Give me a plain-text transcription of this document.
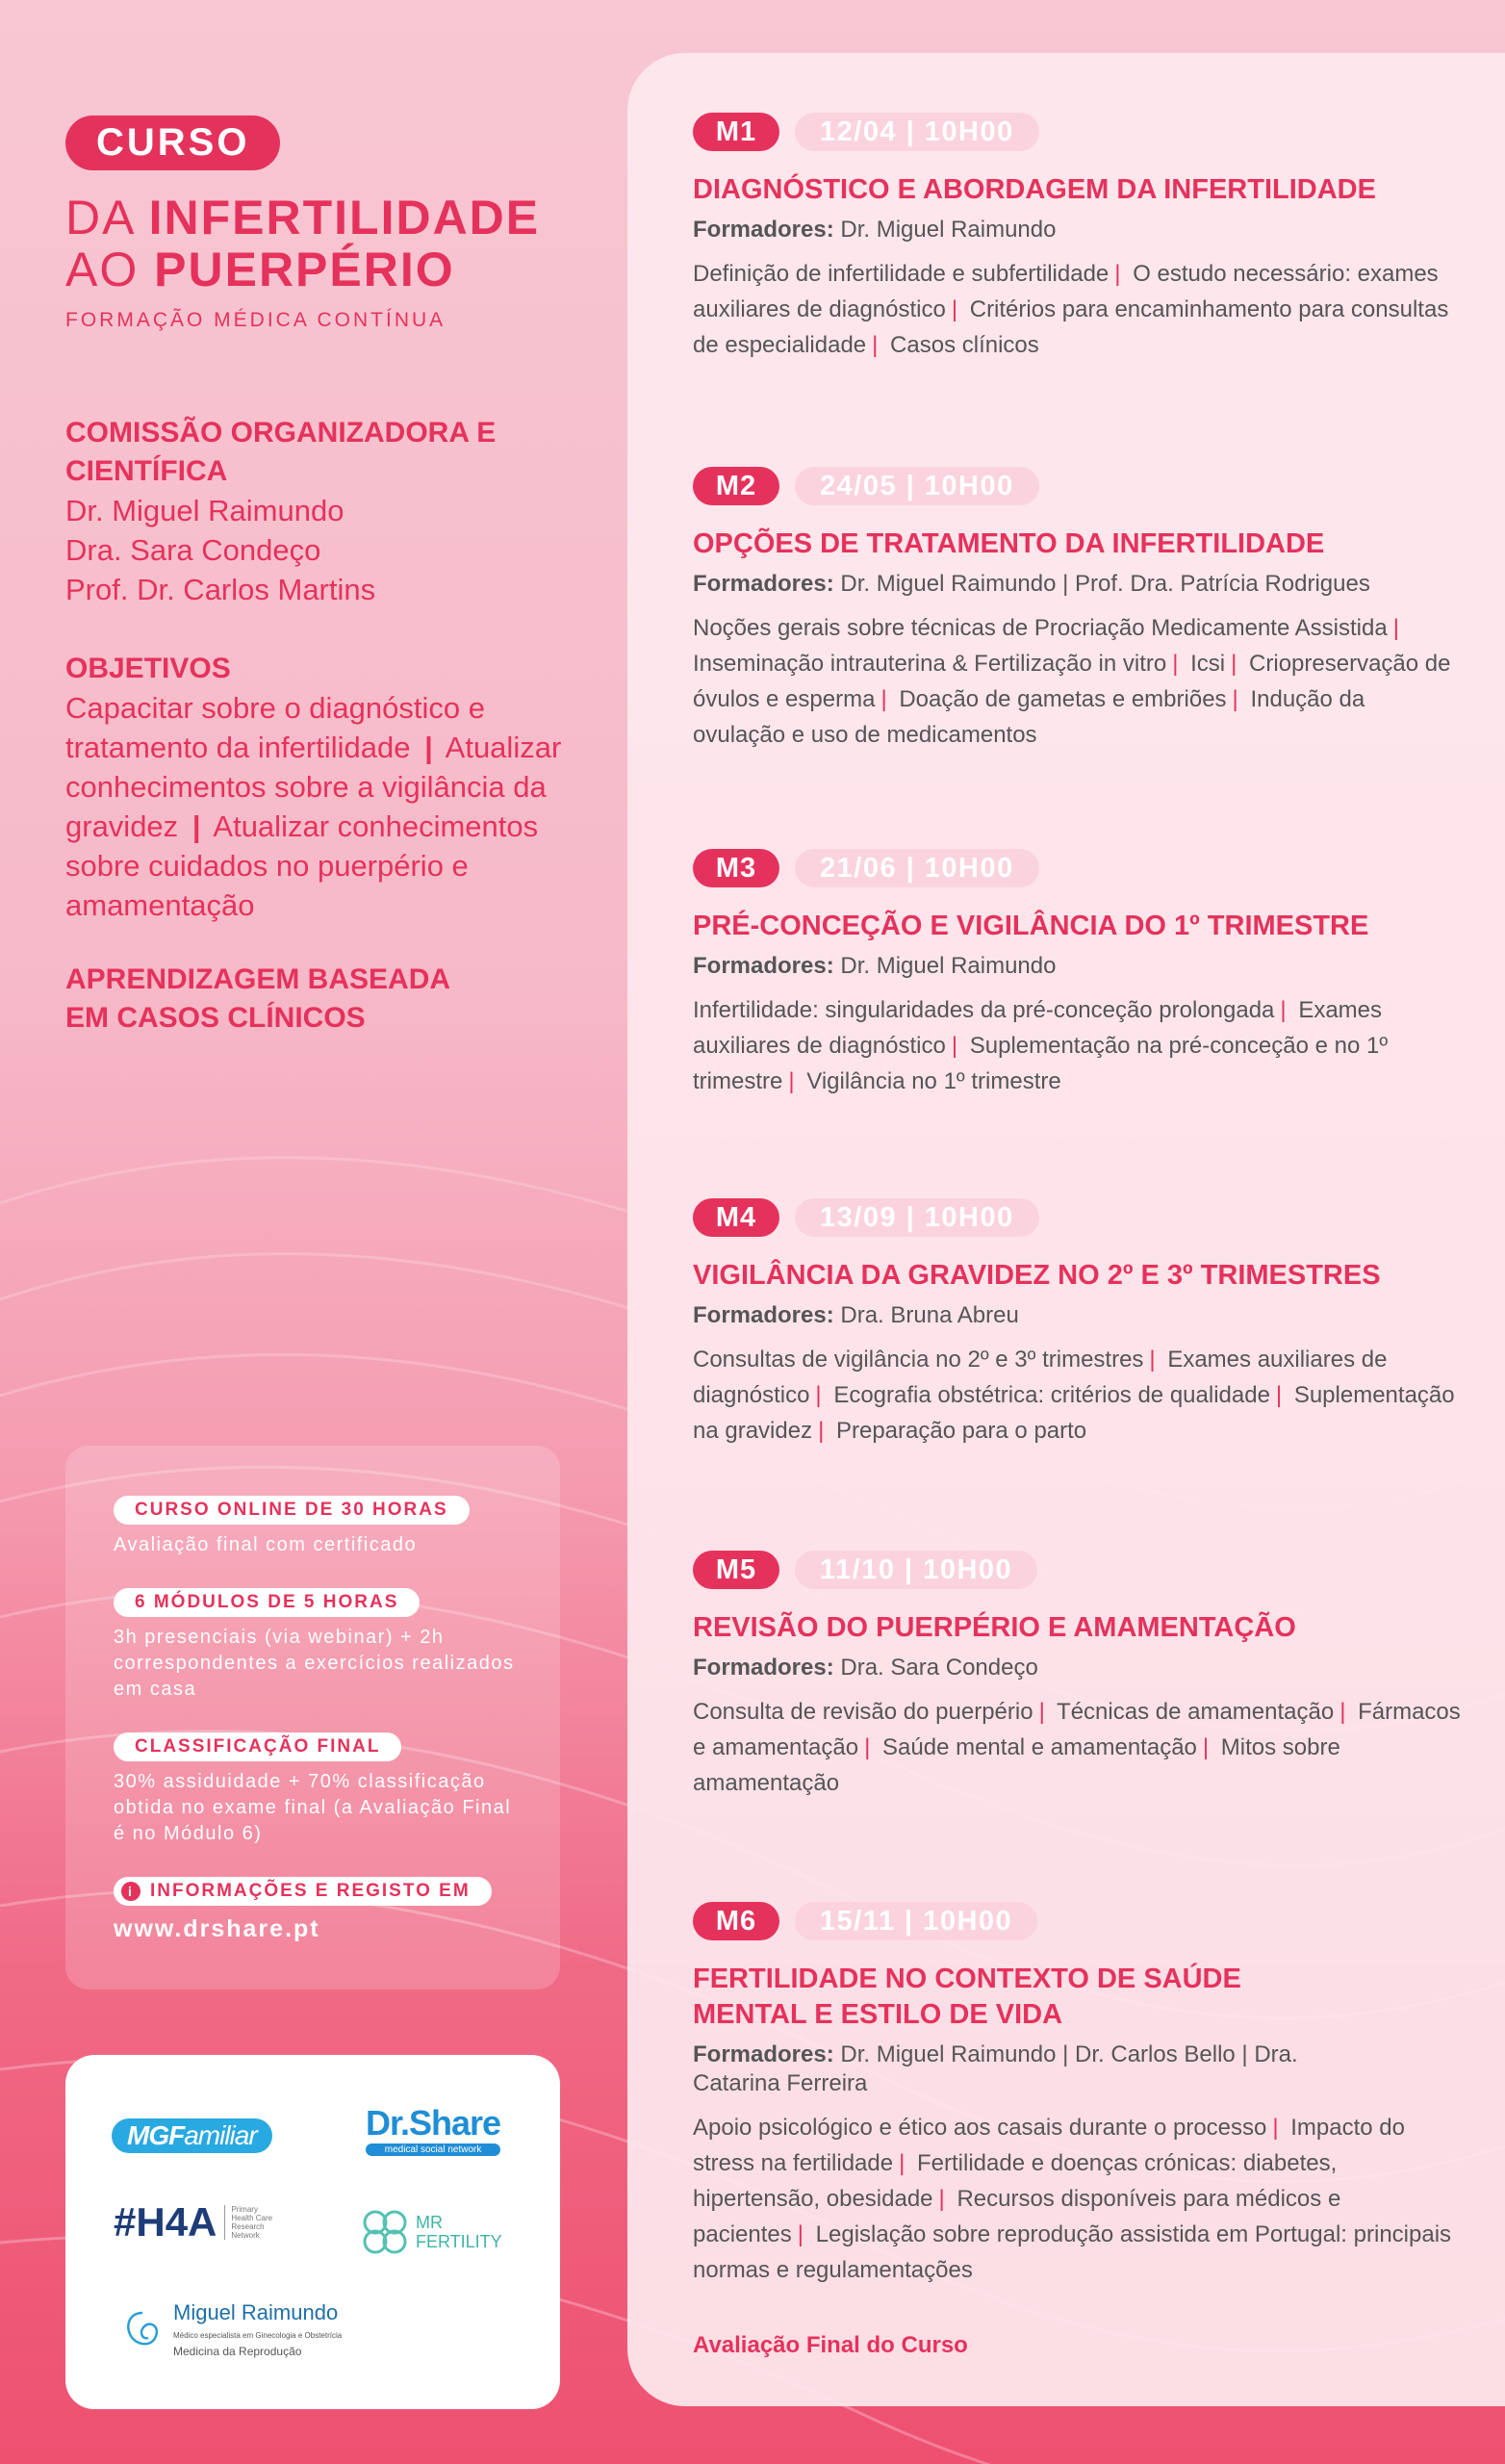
CURSO
DA INFERTILIDADE
AO PUERPÉRIO
FORMAÇÃO MÉDICA CONTÍNUA
COMISSÃO ORGANIZADORA E
CIENTÍFICA
Dr. Miguel Raimundo
Dra. Sara Condeço
Prof. Dr. Carlos Martins
OBJETIVOS
Capacitar sobre o diagnóstico e tratamento da infertilidade | Atualizar conhecimentos sobre a vigilância da gravidez | Atualizar conhecimentos sobre cuidados no puerpério e amamentação
APRENDIZAGEM BASEADA
EM CASOS CLÍNICOS
CURSO ONLINE DE 30 HORAS
Avaliação final com certificado
6 MÓDULOS DE 5 HORAS
3h presenciais (via webinar) + 2h correspondentes a exercícios realizados em casa
CLASSIFICAÇÃO FINAL
30% assiduidade + 70% classificação obtida no exame final (a Avaliação Final é no Módulo 6)
i INFORMAÇÕES E REGISTO EM
www.drshare.pt
MGFamiliar	Dr.Share
medical social network
#H4A	Primary
Health Care
Research
Network
MR
FERTILITY
Miguel Raimundo
Médico especialista em Ginecologia e Obstetrícia
Medicina da Reprodução
M1 12/04 | 10H00
DIAGNÓSTICO E ABORDAGEM DA INFERTILIDADE
Formadores: Dr. Miguel Raimundo
Definição de infertilidade e subfertilidade | O estudo necessário: exames auxiliares de diagnóstico | Critérios para encaminhamento para consultas de especialidade | Casos clínicos
M2 24/05 | 10H00
OPÇÕES DE TRATAMENTO DA INFERTILIDADE
Formadores: Dr. Miguel Raimundo | Prof. Dra. Patrícia Rodrigues
Noções gerais sobre técnicas de Procriação Medicamente Assistida | Inseminação intrauterina & Fertilização in vitro | Icsi | Criopreservação de óvulos e esperma | Doação de gametas e embriões | Indução da ovulação e uso de medicamentos
M3 21/06 | 10H00
PRÉ-CONCEÇÃO E VIGILÂNCIA DO 1º TRIMESTRE
Formadores: Dr. Miguel Raimundo
Infertilidade: singularidades da pré-conceção prolongada | Exames auxiliares de diagnóstico | Suplementação na pré-conceção e no 1º trimestre | Vigilância no 1º trimestre
M4 13/09 | 10H00
VIGILÂNCIA DA GRAVIDEZ NO 2º E 3º TRIMESTRES
Formadores: Dra. Bruna Abreu
Consultas de vigilância no 2º e 3º trimestres | Exames auxiliares de diagnóstico | Ecografia obstétrica: critérios de qualidade | Suplementação na gravidez | Preparação para o parto
M5 11/10 | 10H00
REVISÃO DO PUERPÉRIO E AMAMENTAÇÃO
Formadores: Dra. Sara Condeço
Consulta de revisão do puerpério | Técnicas de amamentação | Fármacos e amamentação | Saúde mental e amamentação | Mitos sobre amamentação
M6 15/11 | 10H00
FERTILIDADE NO CONTEXTO DE SAÚDE MENTAL E ESTILO DE VIDA
Formadores: Dr. Miguel Raimundo | Dr. Carlos Bello | Dra. Catarina Ferreira
Apoio psicológico e ético aos casais durante o processo | Impacto do stress na fertilidade | Fertilidade e doenças crónicas: diabetes, hipertensão, obesidade | Recursos disponíveis para médicos e pacientes | Legislação sobre reprodução assistida em Portugal: principais normas e regulamentações
Avaliação Final do Curso
